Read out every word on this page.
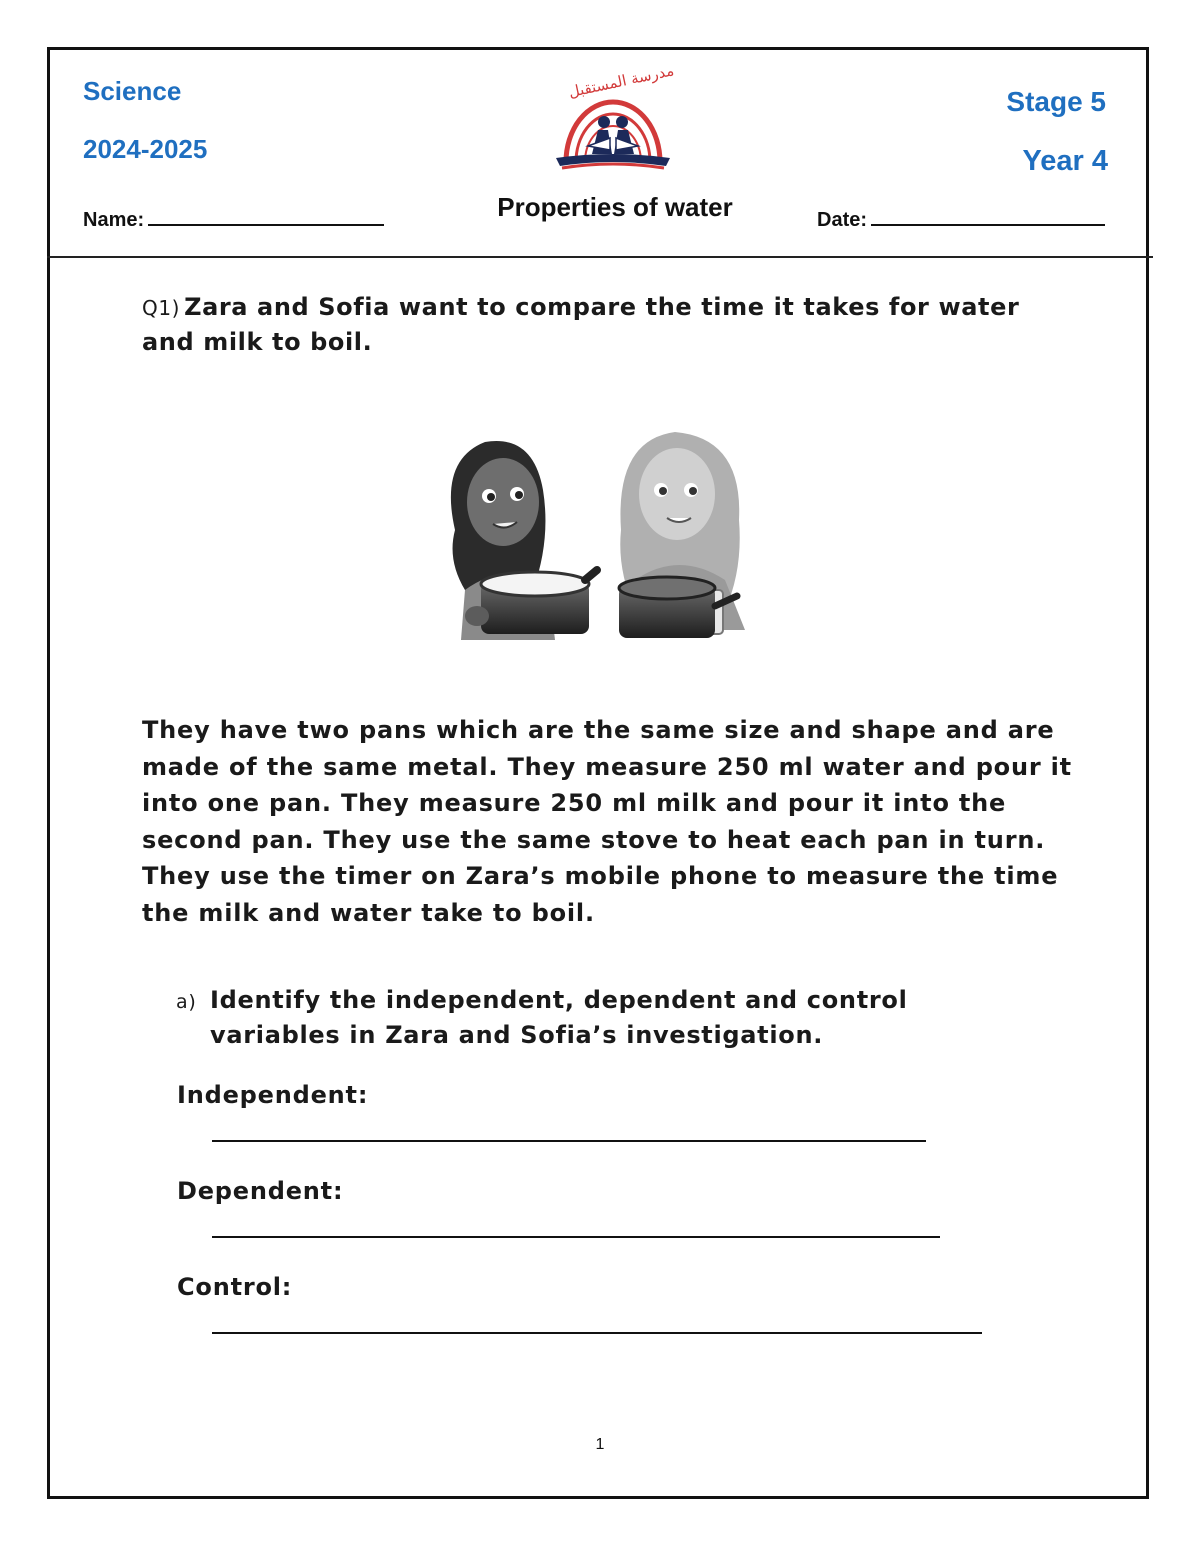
Science
2024-2025
Stage 5
Year 4
مدرسة المستقبل
Properties of water
Name:	Date:
Q1) Zara and Sofia want to compare the time it takes for water and milk to boil.
They have two pans which are the same size and shape and are made of the same metal. They measure 250 ml water and pour it into one pan. They measure 250 ml milk and pour it into the second pan. They use the same stove to heat each pan in turn. They use the timer on Zara’s mobile phone to measure the time the milk and water take to boil.
a) Identify the independent, dependent and control
variables in Zara and Sofia’s investigation.
Independent:
Dependent:
Control:
1
